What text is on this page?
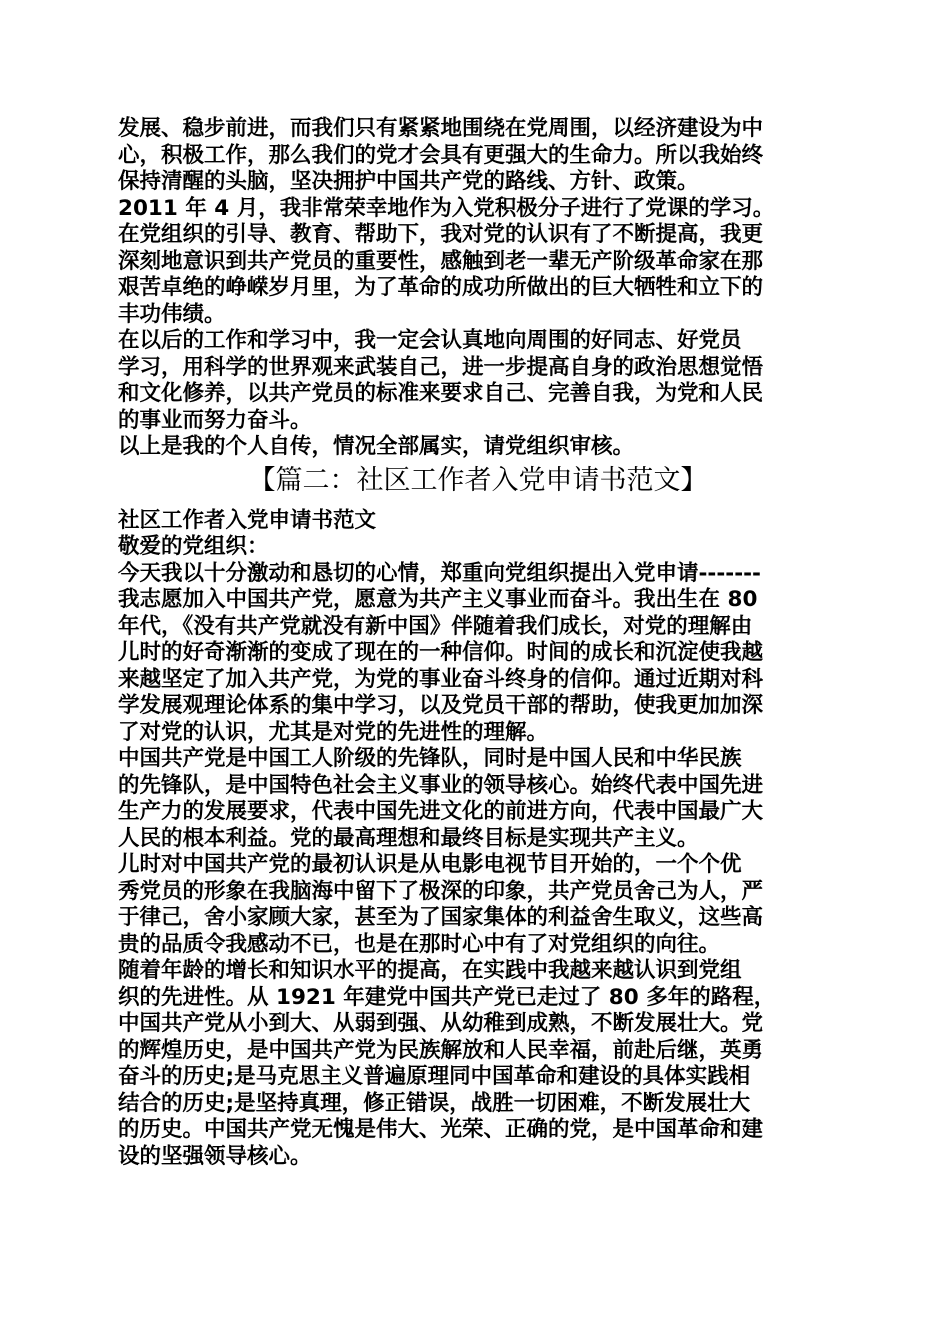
发展、稳步前进，而我们只有紧紧地围绕在党周围，以经济建设为中
心，积极工作，那么我们的党才会具有更强大的生命力。所以我始终
保持清醒的头脑，坚决拥护中国共产党的路线、方针、政策。
2011 年 4 月，我非常荣幸地作为入党积极分子进行了党课的学习。
在党组织的引导、教育、帮助下，我对党的认识有了不断提高，我更
深刻地意识到共产党员的重要性，感触到老一辈无产阶级革命家在那
艰苦卓绝的峥嵘岁月里，为了革命的成功所做出的巨大牺牲和立下的
丰功伟绩。
在以后的工作和学习中，我一定会认真地向周围的好同志、好党员
学习，用科学的世界观来武装自己，进一步提高自身的政治思想觉悟
和文化修养，以共产党员的标准来要求自己、完善自我，为党和人民
的事业而努力奋斗。
以上是我的个人自传，情况全部属实，请党组织审核。
【篇二：社区工作者入党申请书范文】
社区工作者入党申请书范文
敬爱的党组织：
今天我以十分激动和恳切的心情，郑重向党组织提出入党申请-------
我志愿加入中国共产党，愿意为共产主义事业而奋斗。我出生在 80
年代，《没有共产党就没有新中国》伴随着我们成长，对党的理解由
儿时的好奇渐渐的变成了现在的一种信仰。时间的成长和沉淀使我越
来越坚定了加入共产党，为党的事业奋斗终身的信仰。通过近期对科
学发展观理论体系的集中学习，以及党员干部的帮助，使我更加加深
了对党的认识，尤其是对党的先进性的理解。
中国共产党是中国工人阶级的先锋队，同时是中国人民和中华民族
的先锋队，是中国特色社会主义事业的领导核心。始终代表中国先进
生产力的发展要求，代表中国先进文化的前进方向，代表中国最广大
人民的根本利益。党的最高理想和最终目标是实现共产主义。
儿时对中国共产党的最初认识是从电影电视节目开始的，一个个优
秀党员的形象在我脑海中留下了极深的印象，共产党员舍己为人，严
于律己，舍小家顾大家，甚至为了国家集体的利益舍生取义，这些高
贵的品质令我感动不已，也是在那时心中有了对党组织的向往。
随着年龄的增长和知识水平的提高，在实践中我越来越认识到党组
织的先进性。从 1921 年建党中国共产党已走过了 80 多年的路程，
中国共产党从小到大、从弱到强、从幼稚到成熟，不断发展壮大。党
的辉煌历史，是中国共产党为民族解放和人民幸福，前赴后继，英勇
奋斗的历史;是马克思主义普遍原理同中国革命和建设的具体实践相
结合的历史;是坚持真理，修正错误，战胜一切困难，不断发展壮大
的历史。中国共产党无愧是伟大、光荣、正确的党，是中国革命和建
设的坚强领导核心。
